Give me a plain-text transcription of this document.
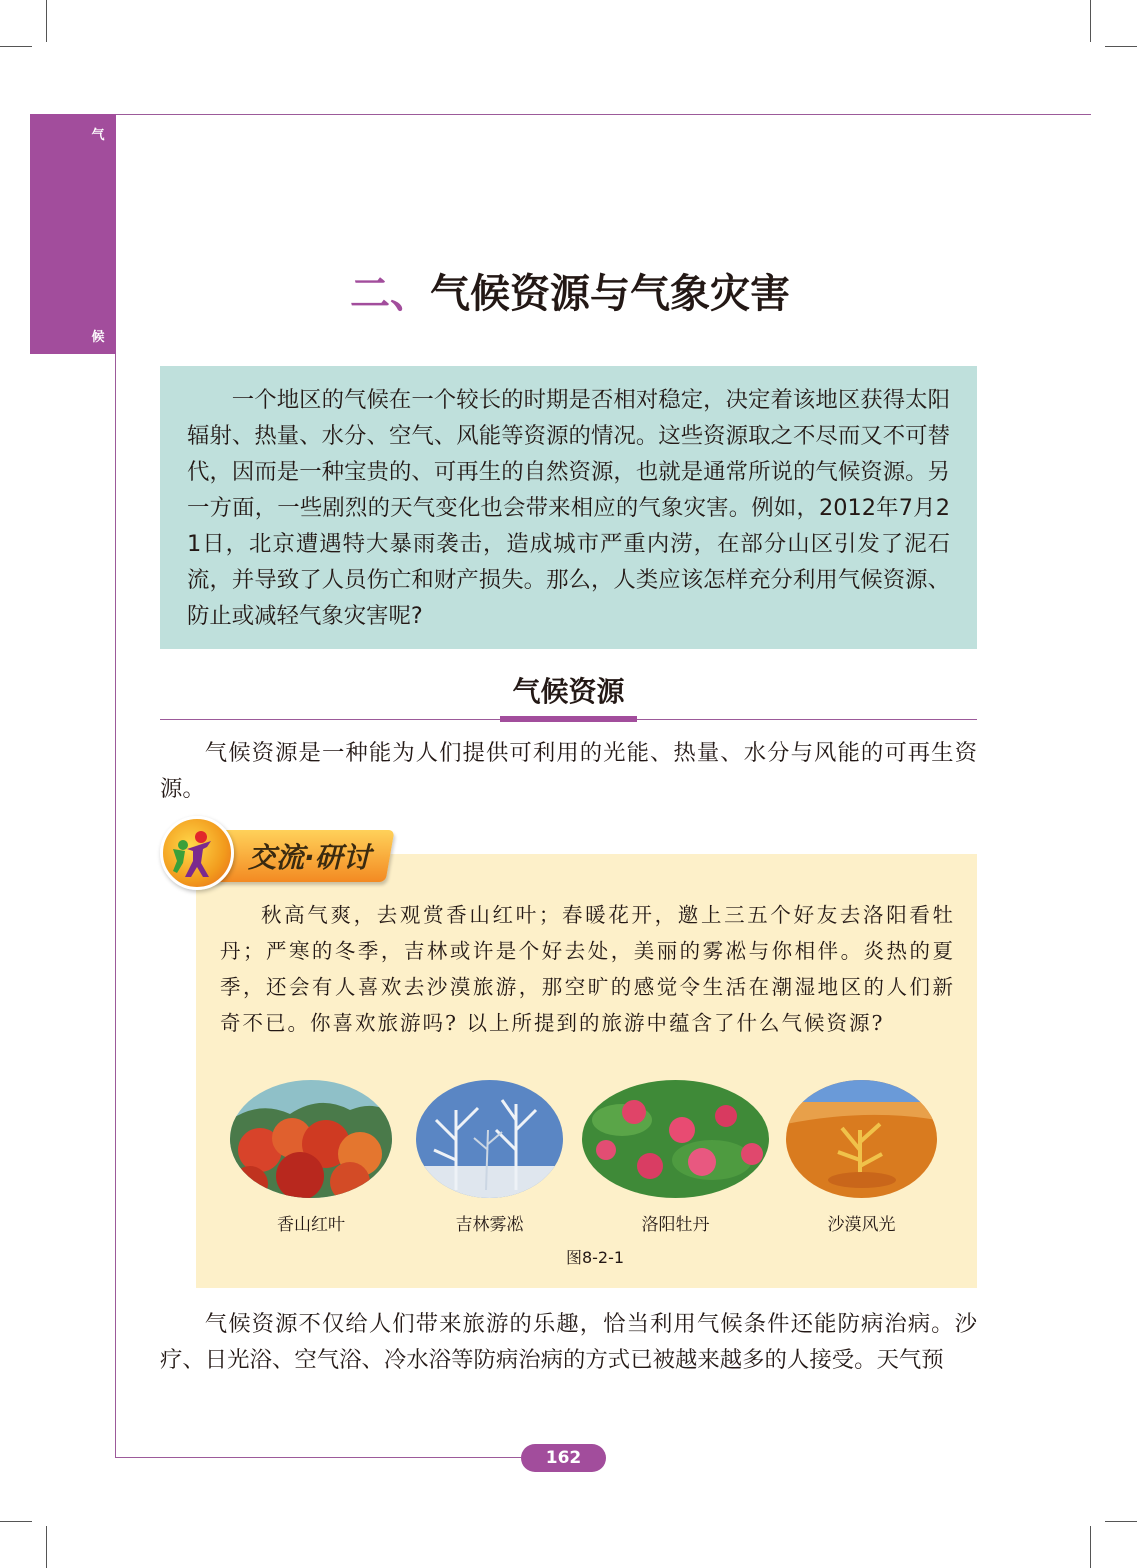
气
候
二、气候资源与气象灾害

一个地区的气候在一个较长的时期是否相对稳定，决定着该地区获得太阳辐射、热量、水分、空气、风能等资源的情况。这些资源取之不尽而又不可替代，因而是一种宝贵的、可再生的自然资源，也就是通常所说的气候资源。另一方面，一些剧烈的天气变化也会带来相应的气象灾害。例如，2012年7月21日，北京遭遇特大暴雨袭击，造成城市严重内涝，在部分山区引发了泥石流，并导致了人员伤亡和财产损失。那么，人类应该怎样充分利用气候资源、防止或减轻气象灾害呢?

气候资源

气候资源是一种能为人们提供可利用的光能、热量、水分与风能的可再生资源。

交流·研讨

秋高气爽，去观赏香山红叶；春暖花开，邀上三五个好友去洛阳看牡丹；严寒的冬季，吉林或许是个好去处，美丽的雾凇与你相伴。炎热的夏季，还会有人喜欢去沙漠旅游，那空旷的感觉令生活在潮湿地区的人们新奇不已。你喜欢旅游吗? 以上所提到的旅游中蕴含了什么气候资源?

香山红叶	吉林雾凇	洛阳牡丹	沙漠风光
图8-2-1

气候资源不仅给人们带来旅游的乐趣，恰当利用气候条件还能防病治病。沙疗、日光浴、空气浴、冷水浴等防病治病的方式已被越来越多的人接受。天气预

162
